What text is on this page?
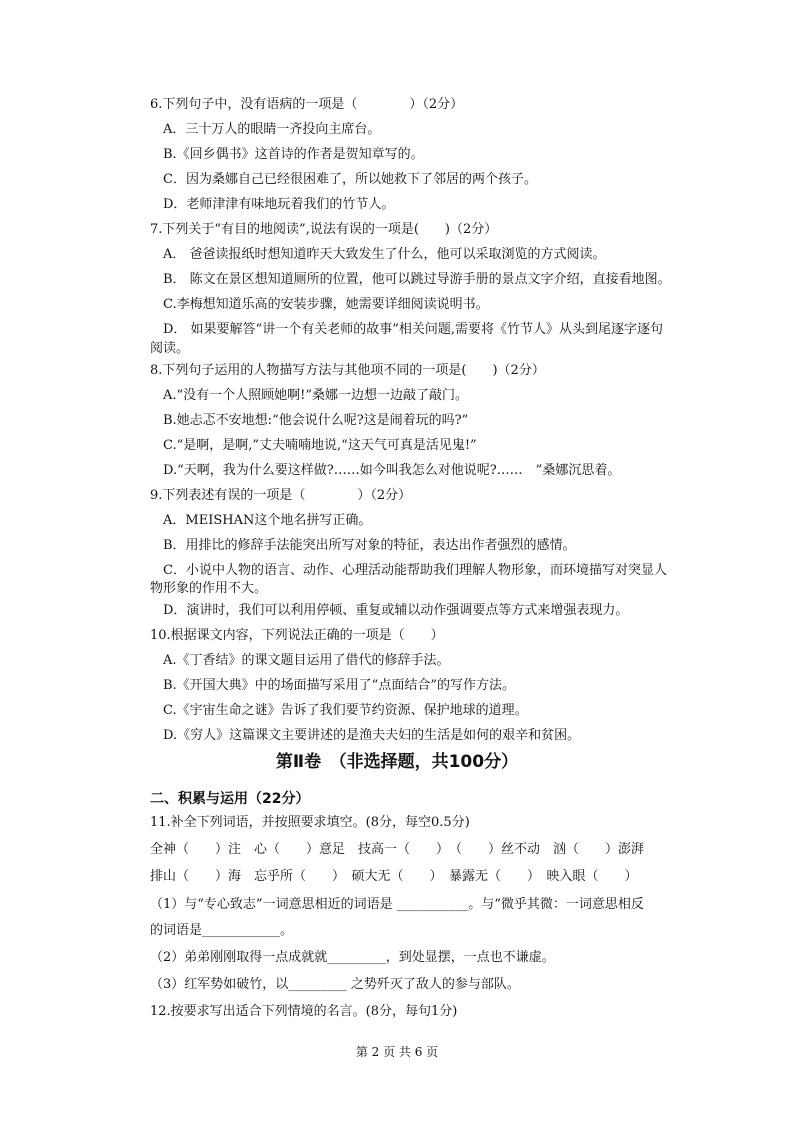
6.下列句子中，没有语病的一项是（　　　　）（2分）
A．三十万人的眼睛一齐投向主席台。
B.《回乡偶书》这首诗的作者是贺知章写的。
C．因为桑娜自己已经很困难了，所以她救下了邻居的两个孩子。
D．老师津津有味地玩着我们的竹节人。
7.下列关于“有目的地阅读”,说法有误的一项是(　　)（2分）
A． 爸爸读报纸时想知道昨天大致发生了什么，他可以采取浏览的方式阅读。
B． 陈文在景区想知道厕所的位置，他可以跳过导游手册的景点文字介绍，直接看地图。
C.李梅想知道乐高的安装步骤，她需要详细阅读说明书。
D． 如果要解答“讲一个有关老师的故事”相关问题,需要将《竹节人》从头到尾逐字逐句
阅读。
8.下列句子运用的人物描写方法与其他项不同的一项是(　　)（2分）
A.“没有一个人照顾她啊!”桑娜一边想一边敲了敲门。
B.她忐忑不安地想:“他会说什么呢?这是闹着玩的吗?”
C.“是啊，是啊,”丈夫喃喃地说,“这天气可真是活见鬼!”
D.“天啊，我为什么要这样做?……如今叫我怎么对他说呢?……　”桑娜沉思着。
9.下列表述有误的一项是（　　　　）（2分）
A．MEISHAN这个地名拼写正确。
B．用排比的修辞手法能突出所写对象的特征，表达出作者强烈的感情。
C．小说中人物的语言、动作、心理活动能帮助我们理解人物形象，而环境描写对突显人
物形象的作用不大。
D．演讲时，我们可以利用停顿、重复或辅以动作强调要点等方式来增强表现力。
10.根据课文内容，下列说法正确的一项是（　　）
A.《丁香结》的课文题目运用了借代的修辞手法。
B.《开国大典》中的场面描写采用了“点面结合”的写作方法。
C.《宇宙生命之谜》告诉了我们要节约资源、保护地球的道理。
D.《穷人》这篇课文主要讲述的是渔夫夫妇的生活是如何的艰辛和贫困。
第Ⅱ卷　（非选择题，共100分）
二、积累与运用（22分）
11.补全下列词语，并按照要求填空。(8分，每空0.5分)
全神（　　）注　心（　　）意足　技高一（　　）　（　　）丝不动　汹（　　）澎湃
排山（　　）海　忘乎所（　　）　硕大无（　　）　暴露无（　　）　映入眼（　　）
（1）与“专心致志”一词意思相近的词语是 ___________。与“微乎其微：一词意思相反
的词语是____________。
（2）弟弟刚刚取得一点成就就_________，到处显摆，一点也不谦虚。
（3）红军势如破竹，以_________ 之势歼灭了敌人的参与部队。
12.按要求写出适合下列情境的名言。(8分，每句1分)
第 2 页 共 6 页
